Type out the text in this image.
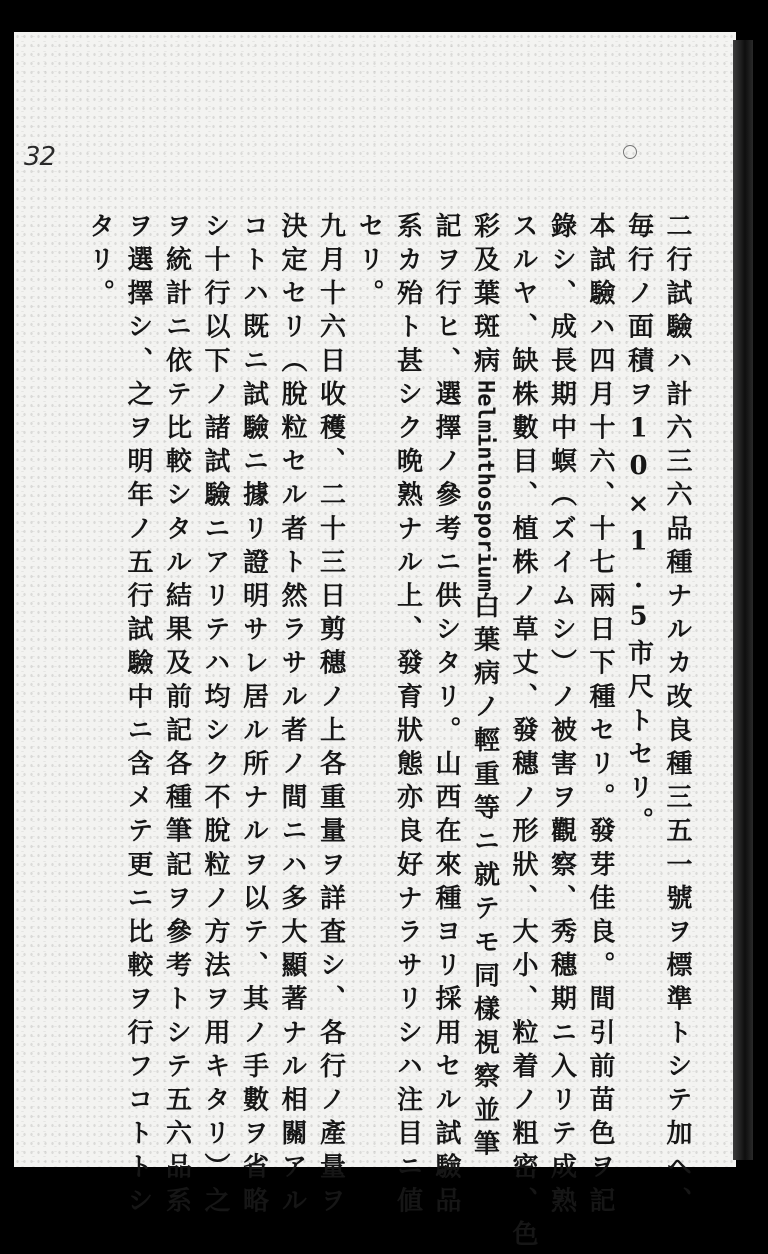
32
二行試驗ハ計六三六品種ナルカ改良種三五一號ヲ標準トシテ加ヘ、
毎行ノ面積ヲ10×1.5市尺トセリ。
本試驗ハ四月十六、十七兩日下種セリ。發芽佳良。間引前苗色ヲ記
錄シ、成長期中螟（ズイムシ）ノ被害ヲ觀察、秀穗期ニ入リテ成熟
スルヤ、缺株數目、植株ノ草丈、發穗ノ形狀、大小、粒着ノ粗密、色
彩及葉斑病Helminthosporium白葉病ノ輕重等ニ就テモ同樣視察並筆
記ヲ行ヒ、選擇ノ參考ニ供シタリ。山西在來種ヨリ採用セル試驗品
系カ殆ト甚シク晩熟ナル上、發育狀態亦良好ナラサリシハ注目ニ値
セリ。
九月十六日收穫、二十三日剪穗ノ上各重量ヲ詳査シ、各行ノ產量ヲ
決定セリ（脫粒セル者ト然ラサル者ノ間ニハ多大顯著ナル相關アル
コトハ既ニ試驗ニ據リ證明サレ居ル所ナルヲ以テ、其ノ手數ヲ省略
シ十行以下ノ諸試驗ニアリテハ均シク不脫粒ノ方法ヲ用キタリ）之
ヲ統計ニ依テ比較シタル結果及前記各種筆記ヲ參考トシテ五六品系
ヲ選擇シ、之ヲ明年ノ五行試驗中ニ含メテ更ニ比較ヲ行フコトトシ
タリ。
